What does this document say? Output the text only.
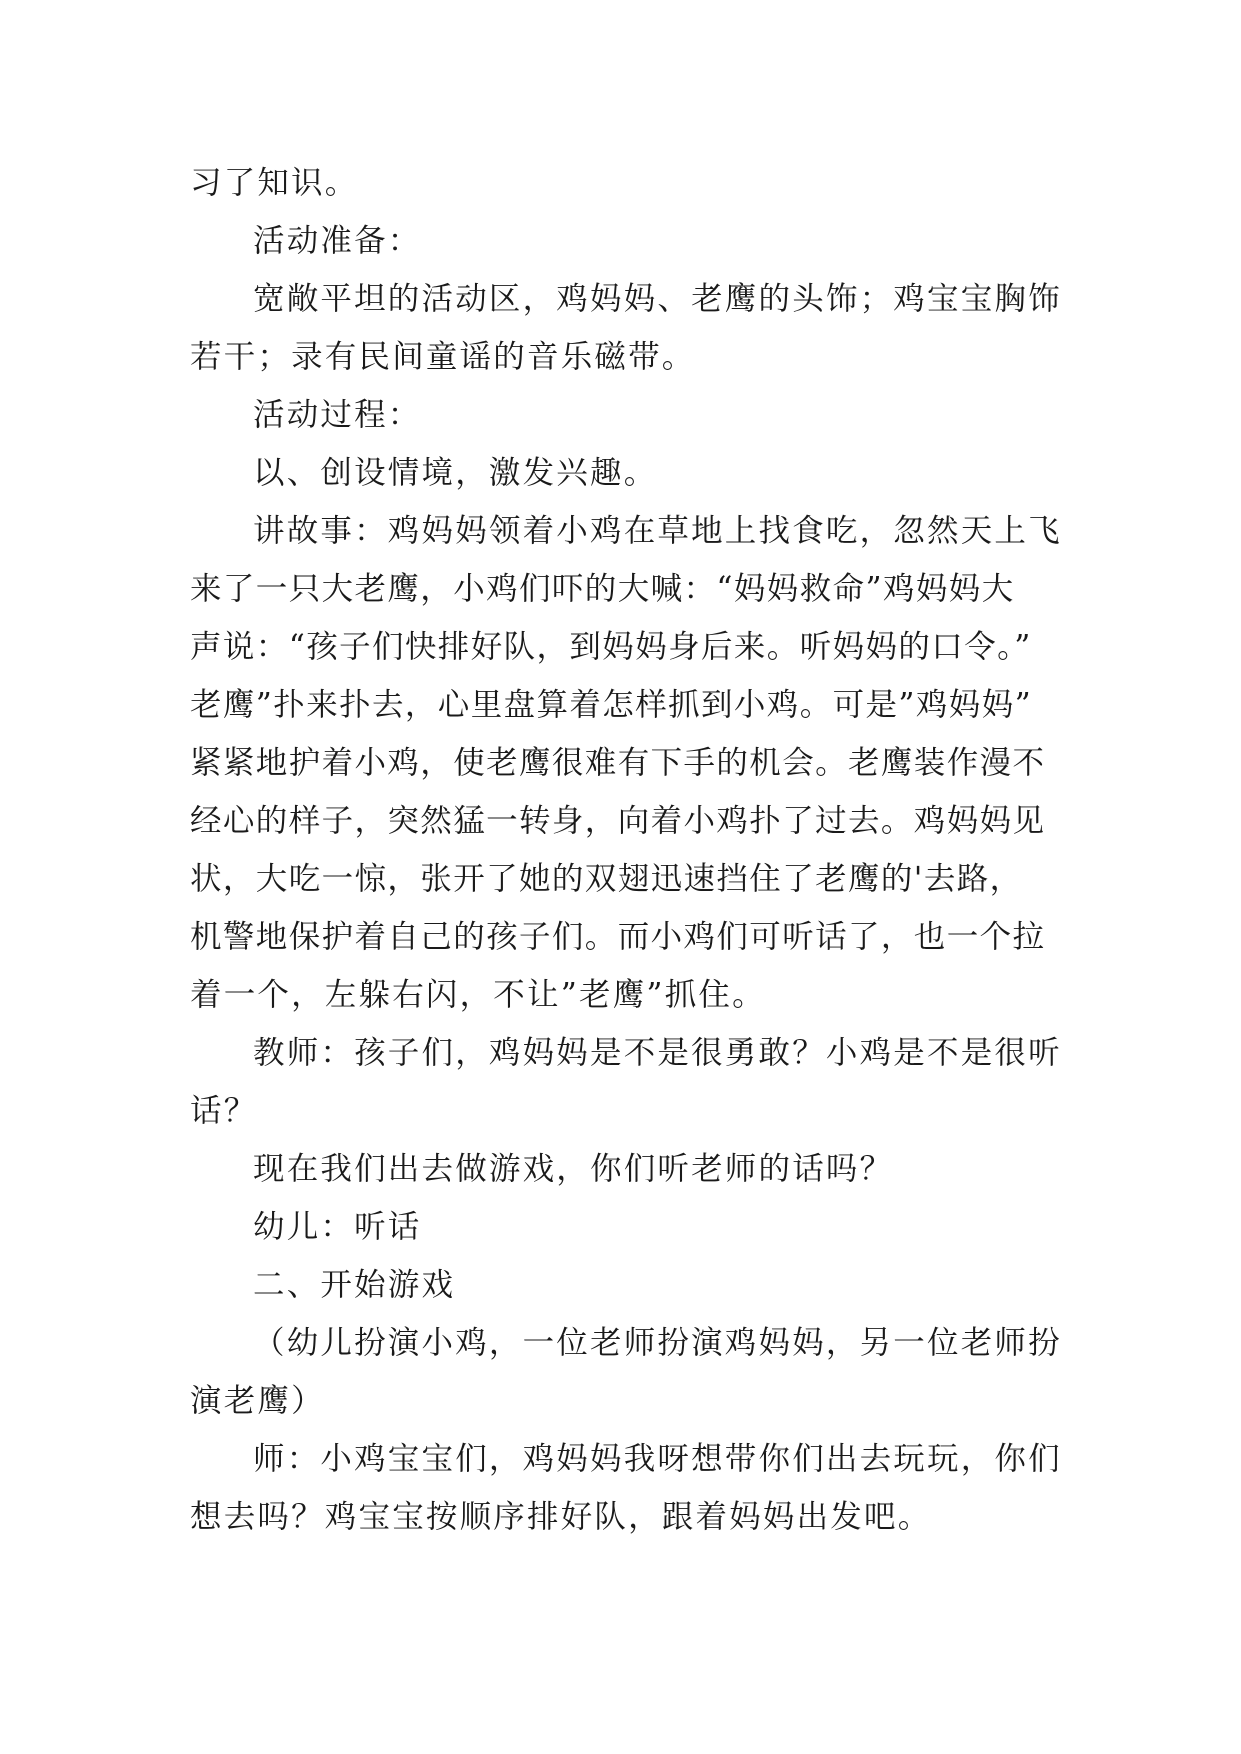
习了知识。
活动准备：
宽敞平坦的活动区，鸡妈妈、老鹰的头饰；鸡宝宝胸饰
若干；录有民间童谣的音乐磁带。
活动过程：
以、创设情境，激发兴趣。
讲故事：鸡妈妈领着小鸡在草地上找食吃，忽然天上飞
来了一只大老鹰，小鸡们吓的大喊：“妈妈救命”鸡妈妈大
声说：“孩子们快排好队，到妈妈身后来。听妈妈的口令。”
老鹰”扑来扑去，心里盘算着怎样抓到小鸡。可是”鸡妈妈”
紧紧地护着小鸡，使老鹰很难有下手的机会。老鹰装作漫不
经心的样子，突然猛一转身，向着小鸡扑了过去。鸡妈妈见
状，大吃一惊，张开了她的双翅迅速挡住了老鹰的'去路，
机警地保护着自己的孩子们。而小鸡们可听话了，也一个拉
着一个，左躲右闪，不让”老鹰”抓住。
教师：孩子们，鸡妈妈是不是很勇敢？小鸡是不是很听
话？
现在我们出去做游戏，你们听老师的话吗？
幼儿：听话
二、开始游戏
（幼儿扮演小鸡，一位老师扮演鸡妈妈，另一位老师扮
演老鹰）
师：小鸡宝宝们，鸡妈妈我呀想带你们出去玩玩，你们
想去吗？鸡宝宝按顺序排好队，跟着妈妈出发吧。
